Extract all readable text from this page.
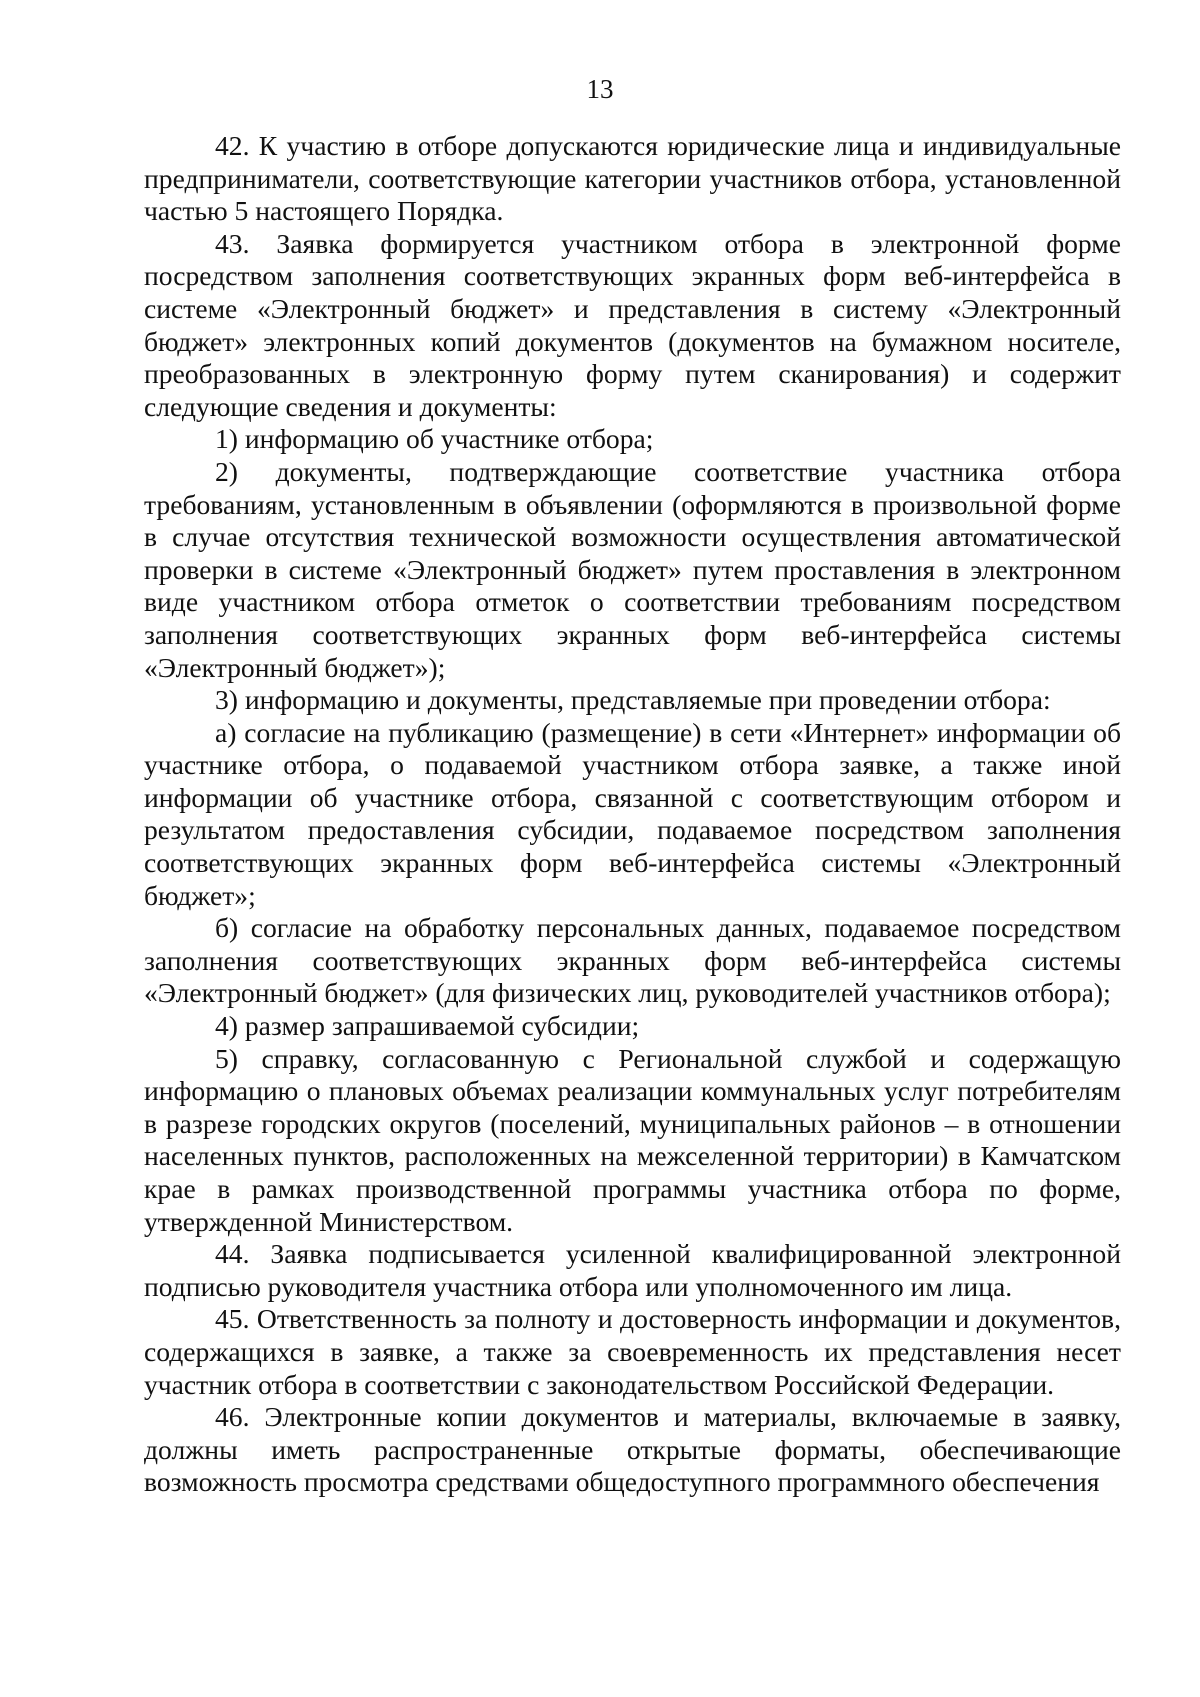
13

42. К участию в отборе допускаются юридические лица и индивидуальные предприниматели, соответствующие категории участников отбора, установленной частью 5 настоящего Порядка.

43. Заявка формируется участником отбора в электронной форме посредством заполнения соответствующих экранных форм веб-интерфейса в системе «Электронный бюджет» и представления в систему «Электронный бюджет» электронных копий документов (документов на бумажном носителе, преобразованных в электронную форму путем сканирования) и содержит следующие сведения и документы:

1) информацию об участнике отбора;

2) документы, подтверждающие соответствие участника отбора требованиям, установленным в объявлении (оформляются в произвольной форме в случае отсутствия технической возможности осуществления автоматической проверки в системе «Электронный бюджет» путем проставления в электронном виде участником отбора отметок о соответствии требованиям посредством заполнения соответствующих экранных форм веб-интерфейса системы «Электронный бюджет»);

3) информацию и документы, представляемые при проведении отбора:

а) согласие на публикацию (размещение) в сети «Интернет» информации об участнике отбора, о подаваемой участником отбора заявке, а также иной информации об участнике отбора, связанной с соответствующим отбором и результатом предоставления субсидии, подаваемое посредством заполнения соответствующих экранных форм веб-интерфейса системы «Электронный бюджет»;

б) согласие на обработку персональных данных, подаваемое посредством заполнения соответствующих экранных форм веб-интерфейса системы «Электронный бюджет» (для физических лиц, руководителей участников отбора);

4) размер запрашиваемой субсидии;

5) справку, согласованную с Региональной службой и содержащую информацию о плановых объемах реализации коммунальных услуг потребителям в разрезе городских округов (поселений, муниципальных районов – в отношении населенных пунктов, расположенных на межселенной территории) в Камчатском крае в рамках производственной программы участника отбора по форме, утвержденной Министерством.

44. Заявка подписывается усиленной квалифицированной электронной подписью руководителя участника отбора или уполномоченного им лица.

45. Ответственность за полноту и достоверность информации и документов, содержащихся в заявке, а также за своевременность их представления несет участник отбора в соответствии с законодательством Российской Федерации.

46. Электронные копии документов и материалы, включаемые в заявку, должны иметь распространенные открытые форматы, обеспечивающие возможность просмотра средствами общедоступного программного обеспечения
